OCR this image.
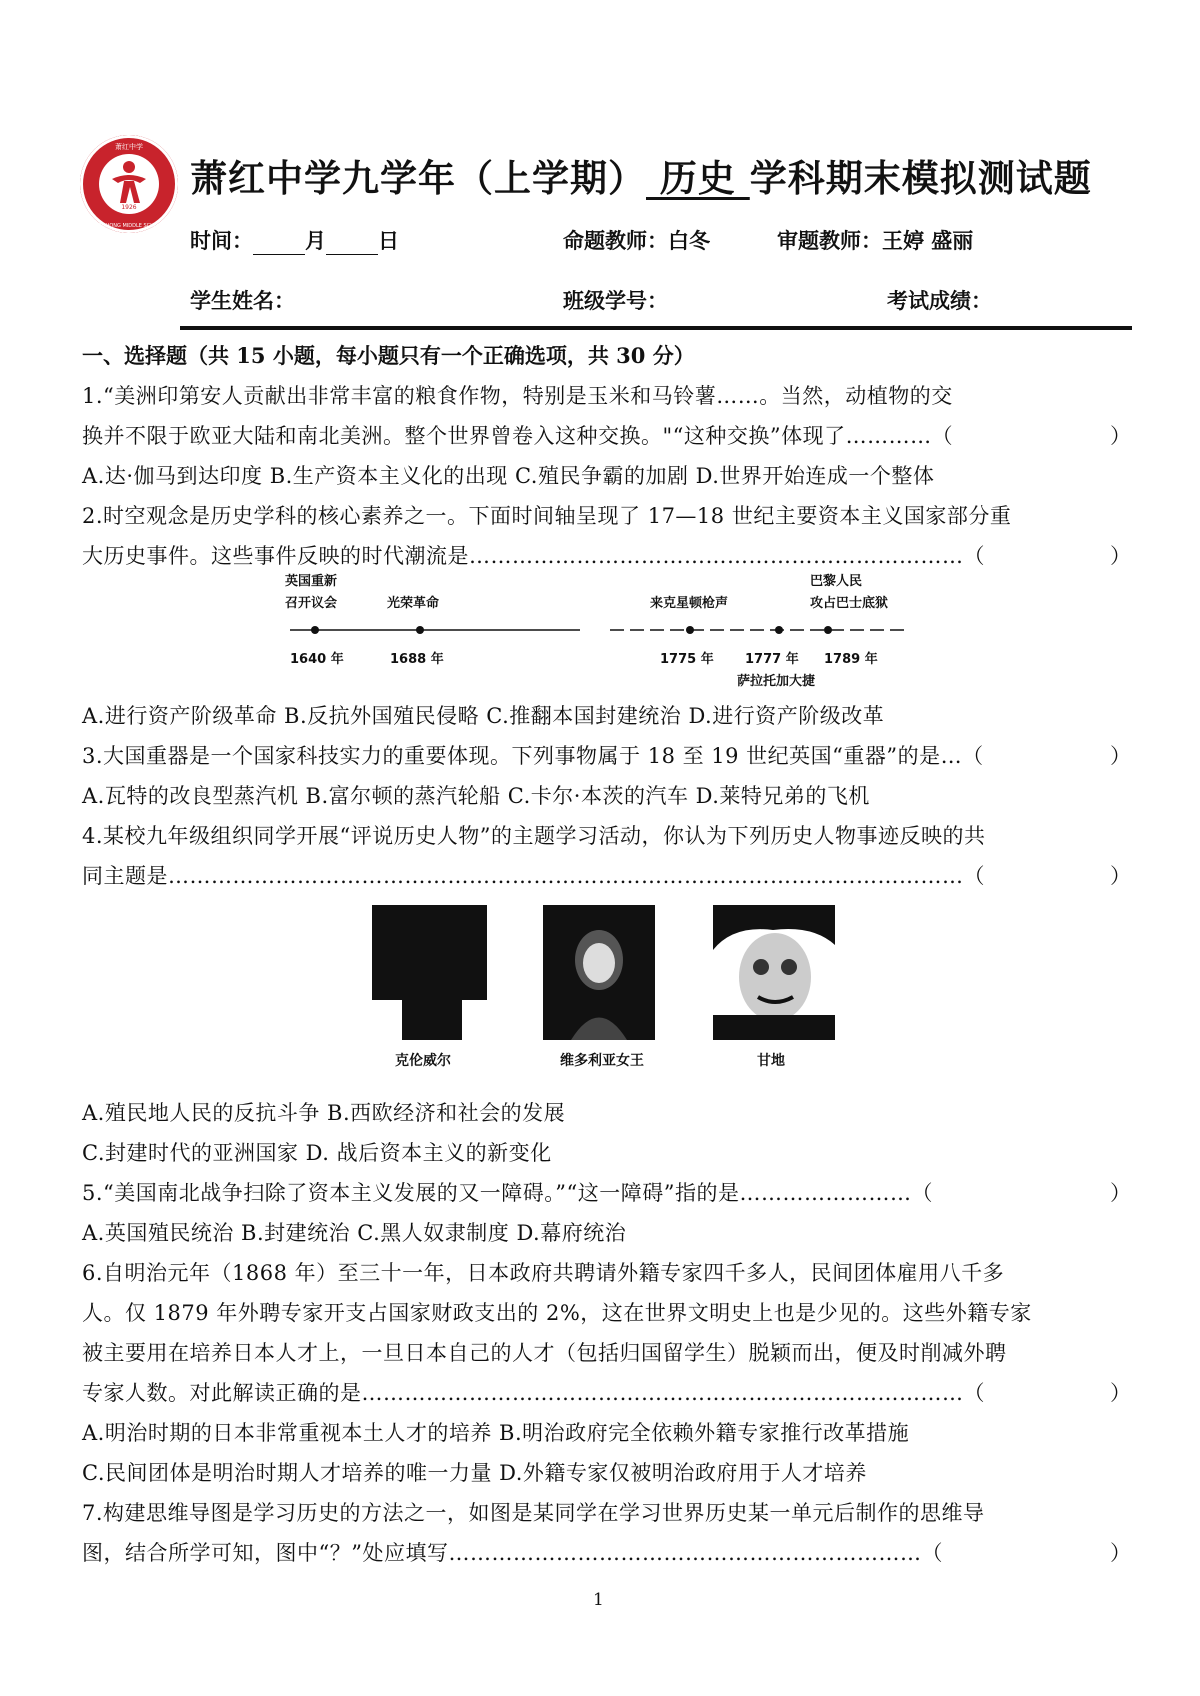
1926
萧红中学
XIAOHONG MIDDLE SCHOOL
萧红中学九学年（上学期） 历史 学科期末模拟测试题
时间： 月 日	命题教师：白冬	审题教师：王婷 盛丽
学生姓名：	班级学号：	考试成绩：
一、选择题（共 15 小题，每小题只有一个正确选项，共 30 分）
1.“美洲印第安人贡献出非常丰富的粮食作物，特别是玉米和马铃薯……。当然，动植物的交
换并不限于欧亚大陆和南北美洲。整个世界曾卷入这种交换。"“这种交换”体现了…………（	）
A.达·伽马到达印度 B.生产资本主义化的出现 C.殖民争霸的加剧 D.世界开始连成一个整体
2.时空观念是历史学科的核心素养之一。下面时间轴呈现了 17—18 世纪主要资本主义国家部分重
大历史事件。这些事件反映的时代潮流是……………………………………………………………（	）
英国重新
召开议会
1640 年
光荣革命
1688 年
来克星顿枪声
1775 年 1777 年
萨拉托加大捷
巴黎人民
攻占巴士底狱
1789 年
A.进行资产阶级革命 B.反抗外国殖民侵略 C.推翻本国封建统治 D.进行资产阶级改革
3.大国重器是一个国家科技实力的重要体现。下列事物属于 18 至 19 世纪英国“重器”的是…（	）
A.瓦特的改良型蒸汽机 B.富尔顿的蒸汽轮船 C.卡尔·本茨的汽车 D.莱特兄弟的飞机
4.某校九年级组织同学开展“评说历史人物”的主题学习活动，你认为下列历史人物事迹反映的共
同主题是…………………………………………………………………………………………………（	）
克伦威尔	维多利亚女王	甘地
A.殖民地人民的反抗斗争 B.西欧经济和社会的发展
C.封建时代的亚洲国家 D. 战后资本主义的新变化
5.“美国南北战争扫除了资本主义发展的又一障碍。”“这一障碍”指的是……………………（	）
A.英国殖民统治 B.封建统治 C.黑人奴隶制度 D.幕府统治
6.自明治元年（1868 年）至三十一年，日本政府共聘请外籍专家四千多人，民间团体雇用八千多
人。仅 1879 年外聘专家开支占国家财政支出的 2%，这在世界文明史上也是少见的。这些外籍专家
被主要用在培养日本人才上，一旦日本自己的人才（包括归国留学生）脱颖而出，便及时削减外聘
专家人数。对此解读正确的是…………………………………………………………………………（	）
A.明治时期的日本非常重视本土人才的培养 B.明治政府完全依赖外籍专家推行改革措施
C.民间团体是明治时期人才培养的唯一力量 D.外籍专家仅被明治政府用于人才培养
7.构建思维导图是学习历史的方法之一，如图是某同学在学习世界历史某一单元后制作的思维导
图，结合所学可知，图中“？”处应填写…………………………………………………………（	）
1
